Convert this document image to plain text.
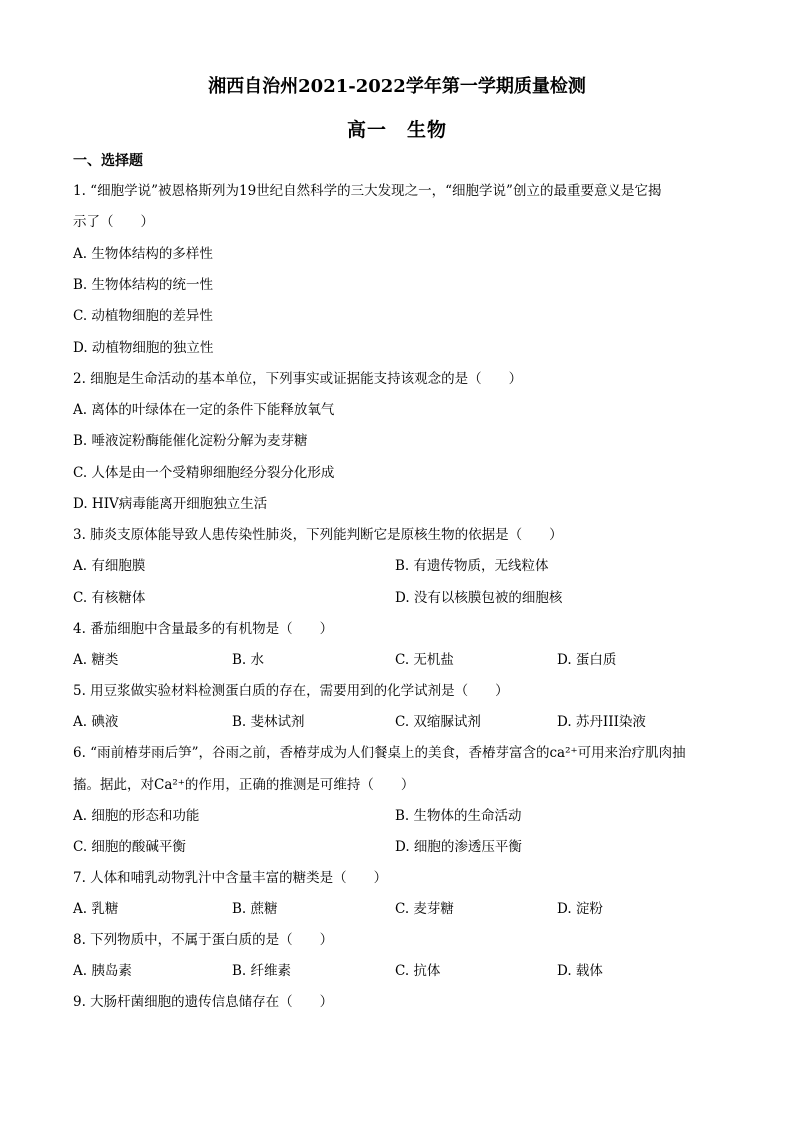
湘西自治州2021-2022学年第一学期质量检测
高一　生物
一、选择题
1. “细胞学说”被恩格斯列为19世纪自然科学的三大发现之一，“细胞学说”创立的最重要意义是它揭
示了（　　）
A. 生物体结构的多样性
B. 生物体结构的统一性
C. 动植物细胞的差异性
D. 动植物细胞的独立性
2. 细胞是生命活动的基本单位，下列事实或证据能支持该观念的是（　　）
A. 离体的叶绿体在一定的条件下能释放氧气
B. 唾液淀粉酶能催化淀粉分解为麦芽糖
C. 人体是由一个受精卵细胞经分裂分化形成
D. HIV病毒能离开细胞独立生活
3. 肺炎支原体能导致人患传染性肺炎，下列能判断它是原核生物的依据是（　　）
A. 有细胞膜	B. 有遗传物质，无线粒体
C. 有核糖体	D. 没有以核膜包被的细胞核
4. 番茄细胞中含量最多的有机物是（　　）
A. 糖类	B. 水	C. 无机盐	D. 蛋白质
5. 用豆浆做实验材料检测蛋白质的存在，需要用到的化学试剂是（　　）
A. 碘液	B. 斐林试剂	C. 双缩脲试剂	D. 苏丹III染液
6. “雨前椿芽雨后笋”，谷雨之前，香椿芽成为人们餐桌上的美食，香椿芽富含的ca²⁺可用来治疗肌肉抽
搐。据此，对Ca²⁺的作用，正确的推测是可维持（　　）
A. 细胞的形态和功能	B. 生物体的生命活动
C. 细胞的酸碱平衡	D. 细胞的渗透压平衡
7. 人体和哺乳动物乳汁中含量丰富的糖类是（　　）
A. 乳糖	B. 蔗糖	C. 麦芽糖	D. 淀粉
8. 下列物质中，不属于蛋白质的是（　　）
A. 胰岛素	B. 纤维素	C. 抗体	D. 载体
9. 大肠杆菌细胞的遗传信息储存在（　　）
